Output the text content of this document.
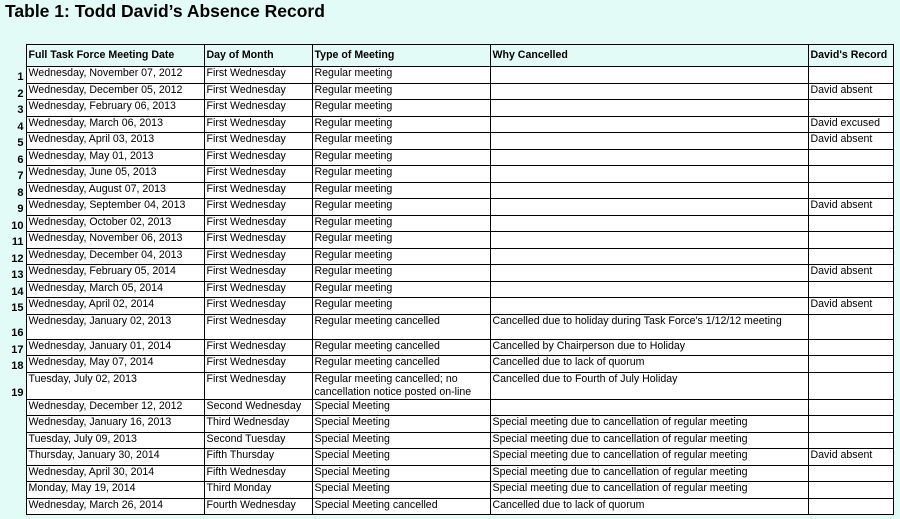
Table 1: Todd David’s Absence Record
	Full Task Force Meeting Date	Day of Month	Type of Meeting	Why Cancelled	David's Record
1	Wednesday, November 07, 2012	First Wednesday	Regular meeting		
2	Wednesday, December 05, 2012	First Wednesday	Regular meeting		David absent
3	Wednesday, February 06, 2013	First Wednesday	Regular meeting		
4	Wednesday, March 06, 2013	First Wednesday	Regular meeting		David excused
5	Wednesday, April 03, 2013	First Wednesday	Regular meeting		David absent
6	Wednesday, May 01, 2013	First Wednesday	Regular meeting		
7	Wednesday, June 05, 2013	First Wednesday	Regular meeting		
8	Wednesday, August 07, 2013	First Wednesday	Regular meeting		
9	Wednesday, September 04, 2013	First Wednesday	Regular meeting		David absent
10	Wednesday, October 02, 2013	First Wednesday	Regular meeting		
11	Wednesday, November 06, 2013	First Wednesday	Regular meeting		
12	Wednesday, December 04, 2013	First Wednesday	Regular meeting		
13	Wednesday, February 05, 2014	First Wednesday	Regular meeting		David absent
14	Wednesday, March 05, 2014	First Wednesday	Regular meeting		
15	Wednesday, April 02, 2014	First Wednesday	Regular meeting		David absent
16	Wednesday, January 02, 2013	First Wednesday	Regular meeting cancelled	Cancelled due to holiday during Task Force's 1/12/12 meeting	
17	Wednesday, January 01, 2014	First Wednesday	Regular meeting cancelled	Cancelled by Chairperson due to Holiday	
18	Wednesday, May 07, 2014	First Wednesday	Regular meeting cancelled	Cancelled due to lack of quorum	
19	Tuesday, July 02, 2013	First Wednesday	Regular meeting cancelled; no cancellation notice posted on-line	Cancelled due to Fourth of July Holiday	
	Wednesday, December 12, 2012	Second Wednesday	Special Meeting		
	Wednesday, January 16, 2013	Third Wednesday	Special Meeting	Special meeting due to cancellation of regular meeting	
	Tuesday, July 09, 2013	Second Tuesday	Special Meeting	Special meeting due to cancellation of regular meeting	
	Thursday, January 30, 2014	Fifth Thursday	Special Meeting	Special meeting due to cancellation of regular meeting	David absent
	Wednesday, April 30, 2014	Fifth Wednesday	Special Meeting	Special meeting due to cancellation of regular meeting	
	Monday, May 19, 2014	Third Monday	Special Meeting	Special meeting due to cancellation of regular meeting	
	Wednesday, March 26, 2014	Fourth Wednesday	Special Meeting cancelled	Cancelled due to lack of quorum	
